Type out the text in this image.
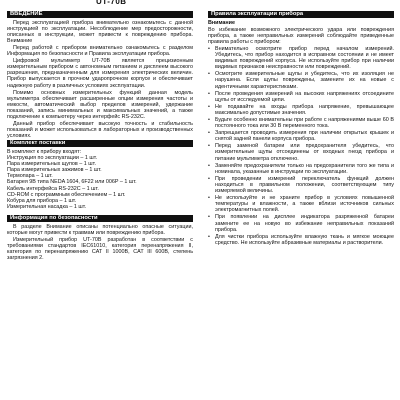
UT-70B
ВВЕДЕНИЕ

Перед эксплуатацией прибора внимательно ознакомьтесь с данной инструкцией по эксплуатации. Несоблюдение мер предосторожности, описанных в инструкции, может привести к повреждению прибора. Внимание

Перед работой с прибором внимательно ознакомьтесь с разделом Информация по безопасности и Правила эксплуатации прибора.

Цифровой мультиметр UT-70B является прецизионным измерительным прибором с автономным питанием и дисплеем высокого разрешения, предназначенным для измерения электрических величин. Прибор выпускается в прочном ударопрочном корпусе и обеспечивает надежную работу в различных условиях эксплуатации.

Помимо основных измерительных функций данная модель мультиметра обеспечивает расширенные опции измерения частоты и емкости, автоматический выбор пределов измерений, удержание показаний, запись минимальных и максимальных значений, а также подключение к компьютеру через интерфейс RS-232C.

Данный прибор обеспечивает высокую точность и стабильность показаний и может использоваться в лабораторных и производственных условиях.

Комплект поставки
В комплект к прибору входят:
Инструкция по эксплуатации – 1 шт.
Пара измерительных щупов – 1 шт.
Пара измерительных зажимов – 1 шт.
Термопара – 1 шт.
Батарея 9В типа NEDA 1604, 6F22 или 006Р – 1 шт.
Кабель интерфейса RS-232С – 1 шт.
CD-ROM с программным обеспечением – 1 шт.
Кобура для прибора – 1 шт.
Измерительная насадка – 1 шт.
Информация по безопасности

В разделе Внимание описаны потенциально опасные ситуации, которые могут привести к травмам или повреждению прибора.

Измерительный прибор UT-70B разработан в соответствии с требованиями стандартов IEC61010, категория перенапряжения II, категория по перенапряжению CAT II 1000В, CAT III 600В, степень загрязнения 2.

Правила эксплуатации прибора

Внимание

Во избежание возможного электрического удара или повреждения прибора, а также неправильных измерений соблюдайте приведенные правила работы с прибором:

• Внимательно осмотрите прибор перед началом измерений. Убедитесь, что прибор находится в исправном состоянии и не имеет видимых повреждений корпуса. Не используйте прибор при наличии видимых признаков неисправности или повреждений.
• Осмотрите измерительные щупы и убедитесь, что их изоляция не нарушена. Если щупы повреждены, замените их на новые с идентичными характеристиками.
• После проведения измерений на высоких напряжениях отсоедините щупы от исследуемой цепи.
• Не подавайте на входы прибора напряжение, превышающее максимально допустимые значения.
• Будьте особенно внимательны при работе с напряжениями выше 60 В постоянного тока или 30 В переменного тока.
• Запрещается проводить измерения при наличии открытых крышек и снятой задней панели корпуса прибора.
• Перед заменой батареи или предохранителя убедитесь, что измерительные щупы отсоединены от входных гнезд прибора и питание мультиметра отключено.
• Заменяйте предохранители только на предохранители того же типа и номинала, указанные в инструкции по эксплуатации.
• При проведении измерений переключатель функций должен находиться в правильном положении, соответствующем типу измеряемой величины.
• Не используйте и не храните прибор в условиях повышенной температуры и влажности, а также вблизи источников сильных электромагнитных полей.
• При появлении на дисплее индикатора разряженной батареи замените ее на новую во избежание неправильных показаний прибора.
• Для чистки прибора используйте влажную ткань и мягкое моющее средство. Не используйте абразивные материалы и растворители.
